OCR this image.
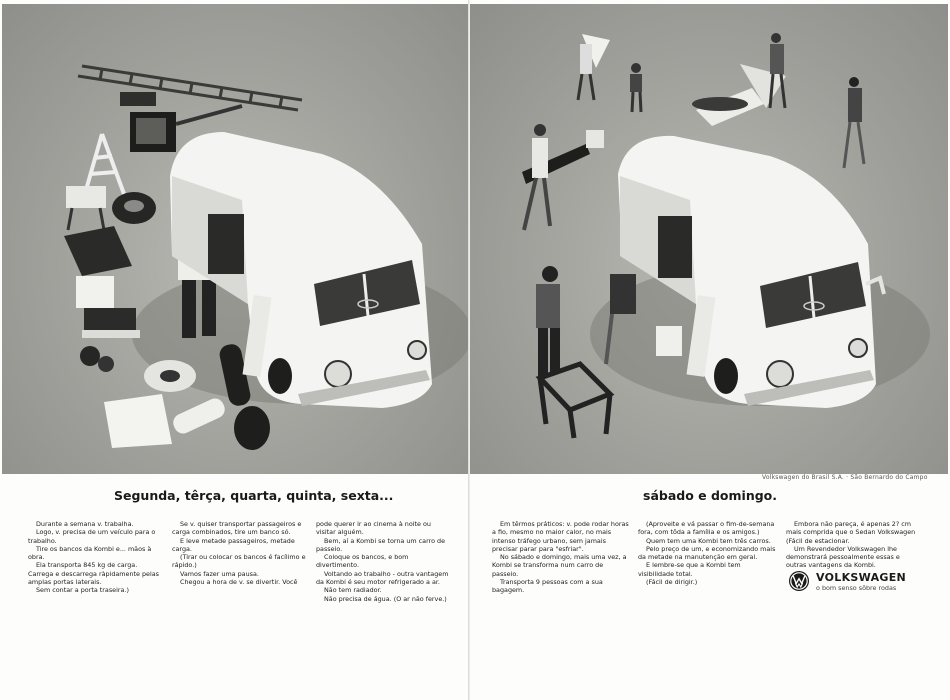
Volkswagen do Brasil S.A. · São Bernardo do Campo
Segunda, têrça, quarta, quinta, sexta...	sábado e domingo.

Durante a semana v. trabalha.

Logo, v. precisa de um veículo para o trabalho.

Tire os bancos da Kombi e... mãos à obra.

Ela transporta 845 kg de carga. Carrega e descarrega ràpidamente pelas amplas portas laterais.

Sem contar a porta traseira.)

Se v. quiser transportar passageiros e carga combinados, tire um banco só.

E leve metade passageiros, metade carga.

(Tirar ou colocar os bancos é facílimo e rápido.)

Vamos fazer uma pausa.

Chegou a hora de v. se divertir. Você

pode querer ir ao cinema à noite ou visitar alguém.

Bem, aí a Kombi se torna um carro de passeio.

Coloque os bancos, e bom divertimento.

Voltando ao trabalho - outra vantagem da Kombi é seu motor refrigerado a ar.

Não tem radiador.

Não precisa de água. (O ar não ferve.)

Em têrmos práticos: v. pode rodar horas a fio, mesmo no maior calor, no mais intenso tráfego urbano, sem jamais precisar parar para "esfriar".

No sábado e domingo, mais uma vez, a Kombi se transforma num carro de passeio.

Transporta 9 pessoas com a sua bagagem.

(Aproveite e vá passar o fim-de-semana fora, com tôda a família e os amigos.)

Quem tem uma Kombi tem três carros.

Pelo preço de um, e economizando mais da metade na manutenção em geral.

E lembre-se que a Kombi tem visibilidade total.

(Fácil de dirigir.)

Embora não pareça, é apenas 2? cm mais comprida que o Sedan Volkswagen (Fácil de estacionar.

Um Revendedor Volkswagen lhe demonstrará pessoalmente essas e outras vantagens da Kombi.

VOLKSWAGEN
o bom senso sôbre rodas
